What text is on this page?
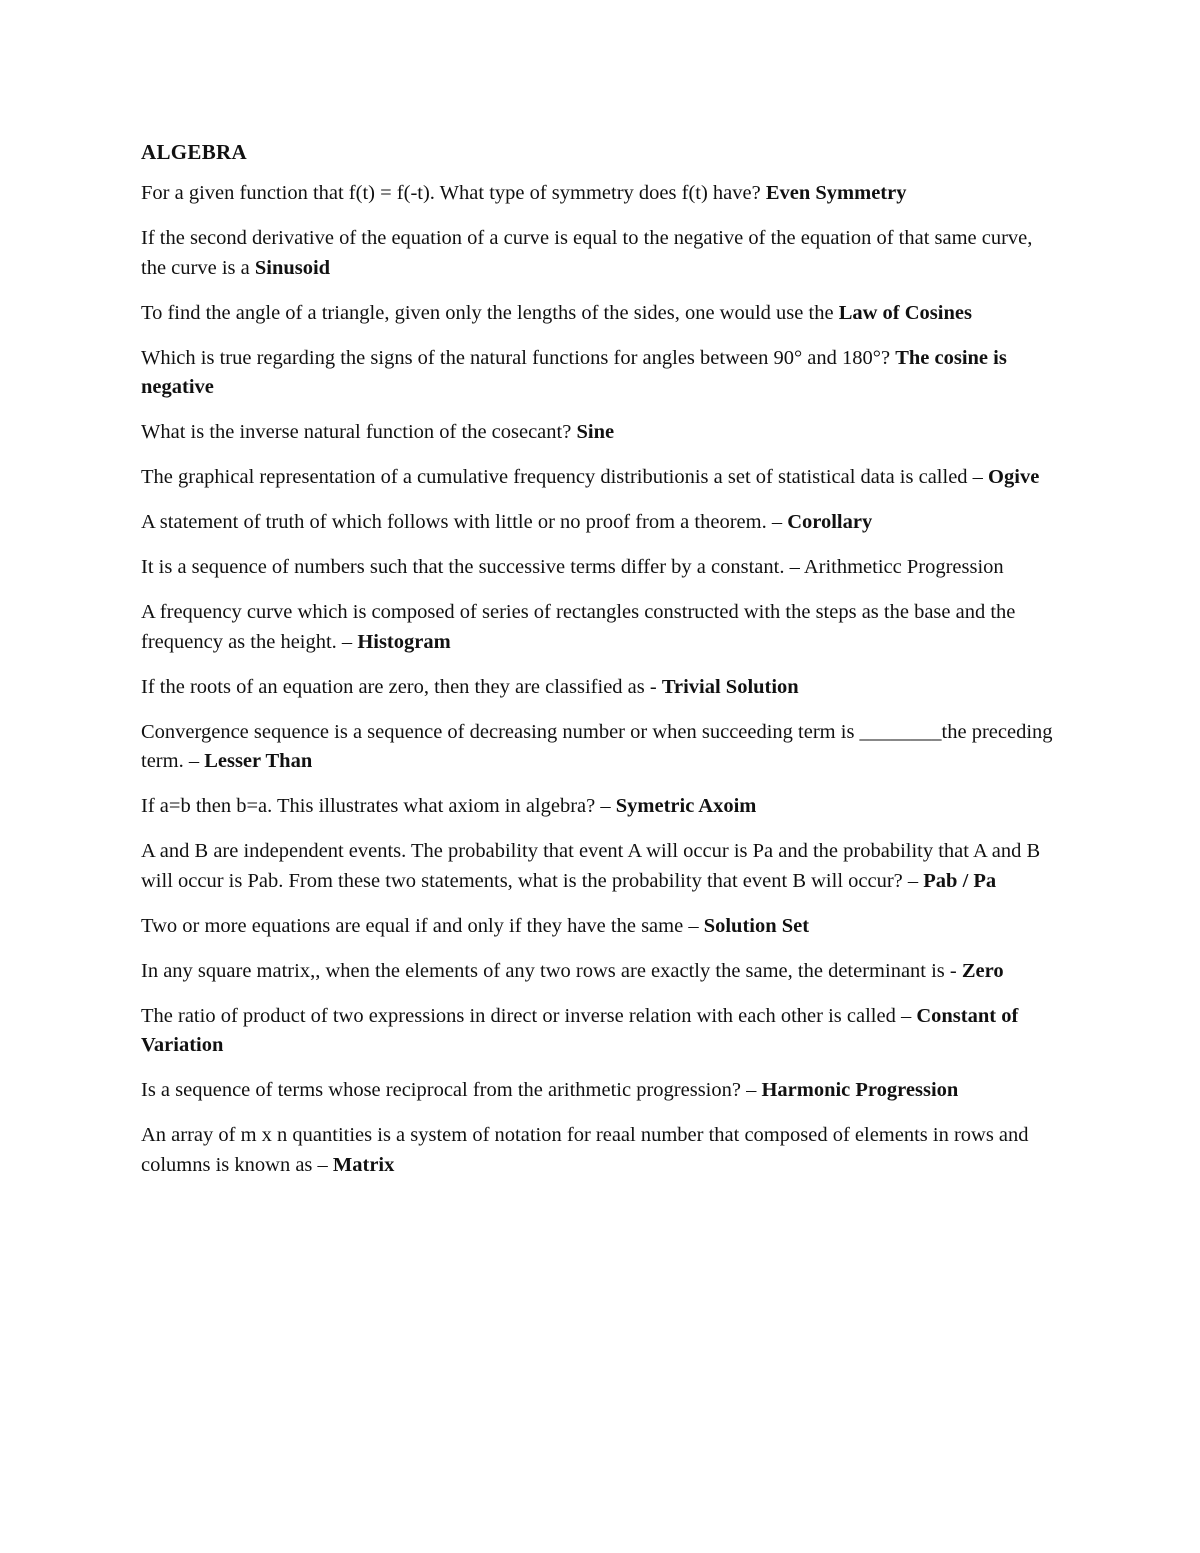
ALGEBRA

For a given function that f(t) = f(-t). What type of symmetry does f(t) have? Even Symmetry

If the second derivative of the equation of a curve is equal to the negative of the equation of that same curve, the curve is a Sinusoid

To find the angle of a triangle, given only the lengths of the sides, one would use the Law of Cosines

Which is true regarding the signs of the natural functions for angles between 90° and 180°? The cosine is negative

What is the inverse natural function of the cosecant? Sine

The graphical representation of a cumulative frequency distributionis a set of statistical data is called – Ogive

A statement of truth of which follows with little or no proof from a theorem. – Corollary

It is a sequence of numbers such that the successive terms differ by a constant. – Arithmeticc Progression

A frequency curve which is composed of series of rectangles constructed with the steps as the base and the frequency as the height. – Histogram

If the roots of an equation are zero, then they are classified as - Trivial Solution

Convergence sequence is a sequence of decreasing number or when succeeding term is ________the preceding term. – Lesser Than

If a=b then b=a. This illustrates what axiom in algebra? – Symetric Axoim

A and B are independent events. The probability that event A will occur is Pa and the probability that A and B will occur is Pab. From these two statements, what is the probability that event B will occur? – Pab / Pa

Two or more equations are equal if and only if they have the same – Solution Set

In any square matrix,, when the elements of any two rows are exactly the same, the determinant is - Zero

The ratio of product of two expressions in direct or inverse relation with each other is called – Constant of Variation

Is a sequence of terms whose reciprocal from the arithmetic progression? – Harmonic Progression

An array of m x n quantities is a system of notation for reaal number that composed of elements in rows and columns is known as – Matrix
